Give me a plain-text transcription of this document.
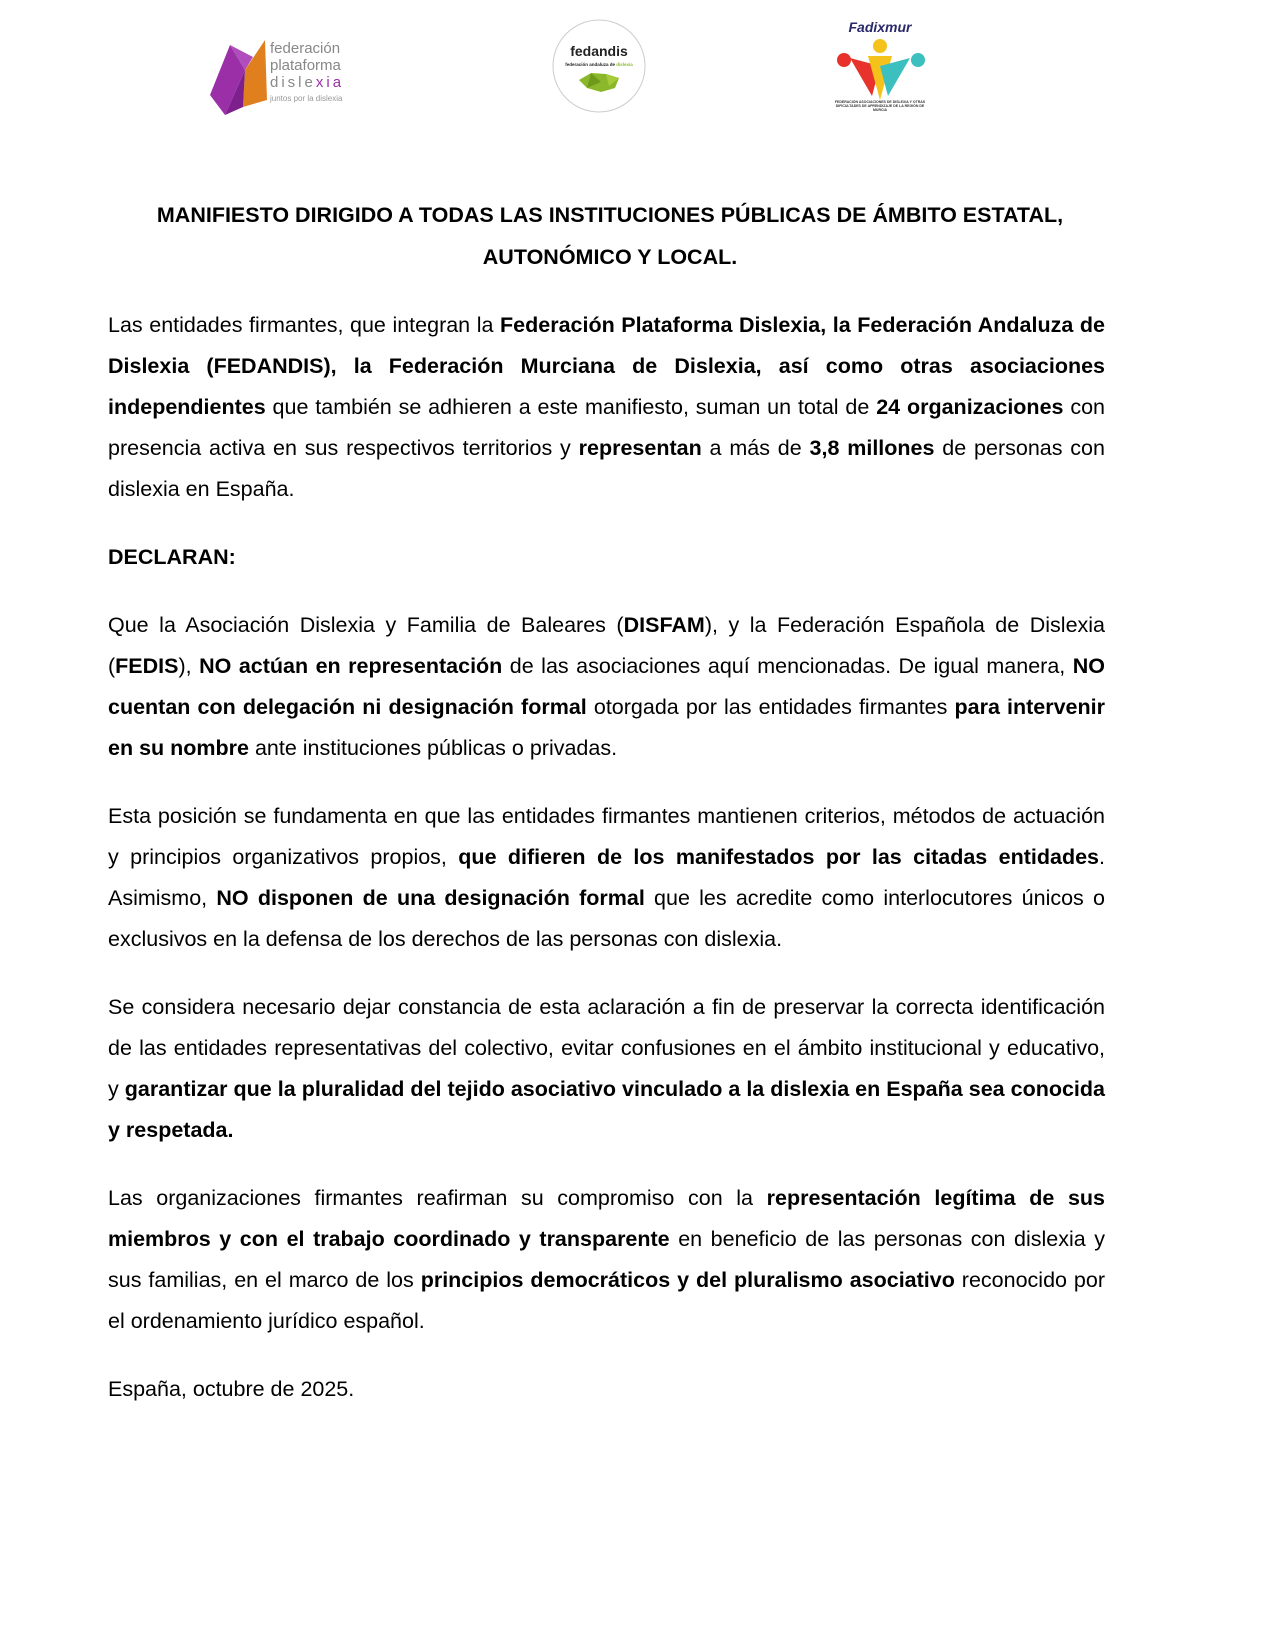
federación
plataforma
dislexia
juntos por la dislexia
fedandis
federación andaluza de dislexia
Fadixmur
FEDERACIÓN ASOCIACIONES DE DISLEXIA Y OTRAS DIFICULTADES DE APRENDIZAJE DE LA REGIÓN DE MURCIA
MANIFIESTO DIRIGIDO A TODAS LAS INSTITUCIONES PÚBLICAS DE ÁMBITO ESTATAL,
AUTONÓMICO Y LOCAL.

Las entidades firmantes, que integran la Federación Plataforma Dislexia, la Federación Andaluza de Dislexia (FEDANDIS), la Federación Murciana de Dislexia, así como otras asociaciones independientes que también se adhieren a este manifiesto, suman un total de 24 organizaciones con presencia activa en sus respectivos territorios y representan a más de 3,8 millones de personas con dislexia en España.

DECLARAN:

Que la Asociación Dislexia y Familia de Baleares (DISFAM), y la Federación Española de Dislexia (FEDIS), NO actúan en representación de las asociaciones aquí mencionadas. De igual manera, NO cuentan con delegación ni designación formal otorgada por las entidades firmantes para intervenir en su nombre ante instituciones públicas o privadas.

Esta posición se fundamenta en que las entidades firmantes mantienen criterios, métodos de actuación y principios organizativos propios, que difieren de los manifestados por las citadas entidades. Asimismo, NO disponen de una designación formal que les acredite como interlocutores únicos o exclusivos en la defensa de los derechos de las personas con dislexia.

Se considera necesario dejar constancia de esta aclaración a fin de preservar la correcta identificación de las entidades representativas del colectivo, evitar confusiones en el ámbito institucional y educativo, y garantizar que la pluralidad del tejido asociativo vinculado a la dislexia en España sea conocida y respetada.

Las organizaciones firmantes reafirman su compromiso con la representación legítima de sus miembros y con el trabajo coordinado y transparente en beneficio de las personas con dislexia y sus familias, en el marco de los principios democráticos y del pluralismo asociativo reconocido por el ordenamiento jurídico español.

España, octubre de 2025.
